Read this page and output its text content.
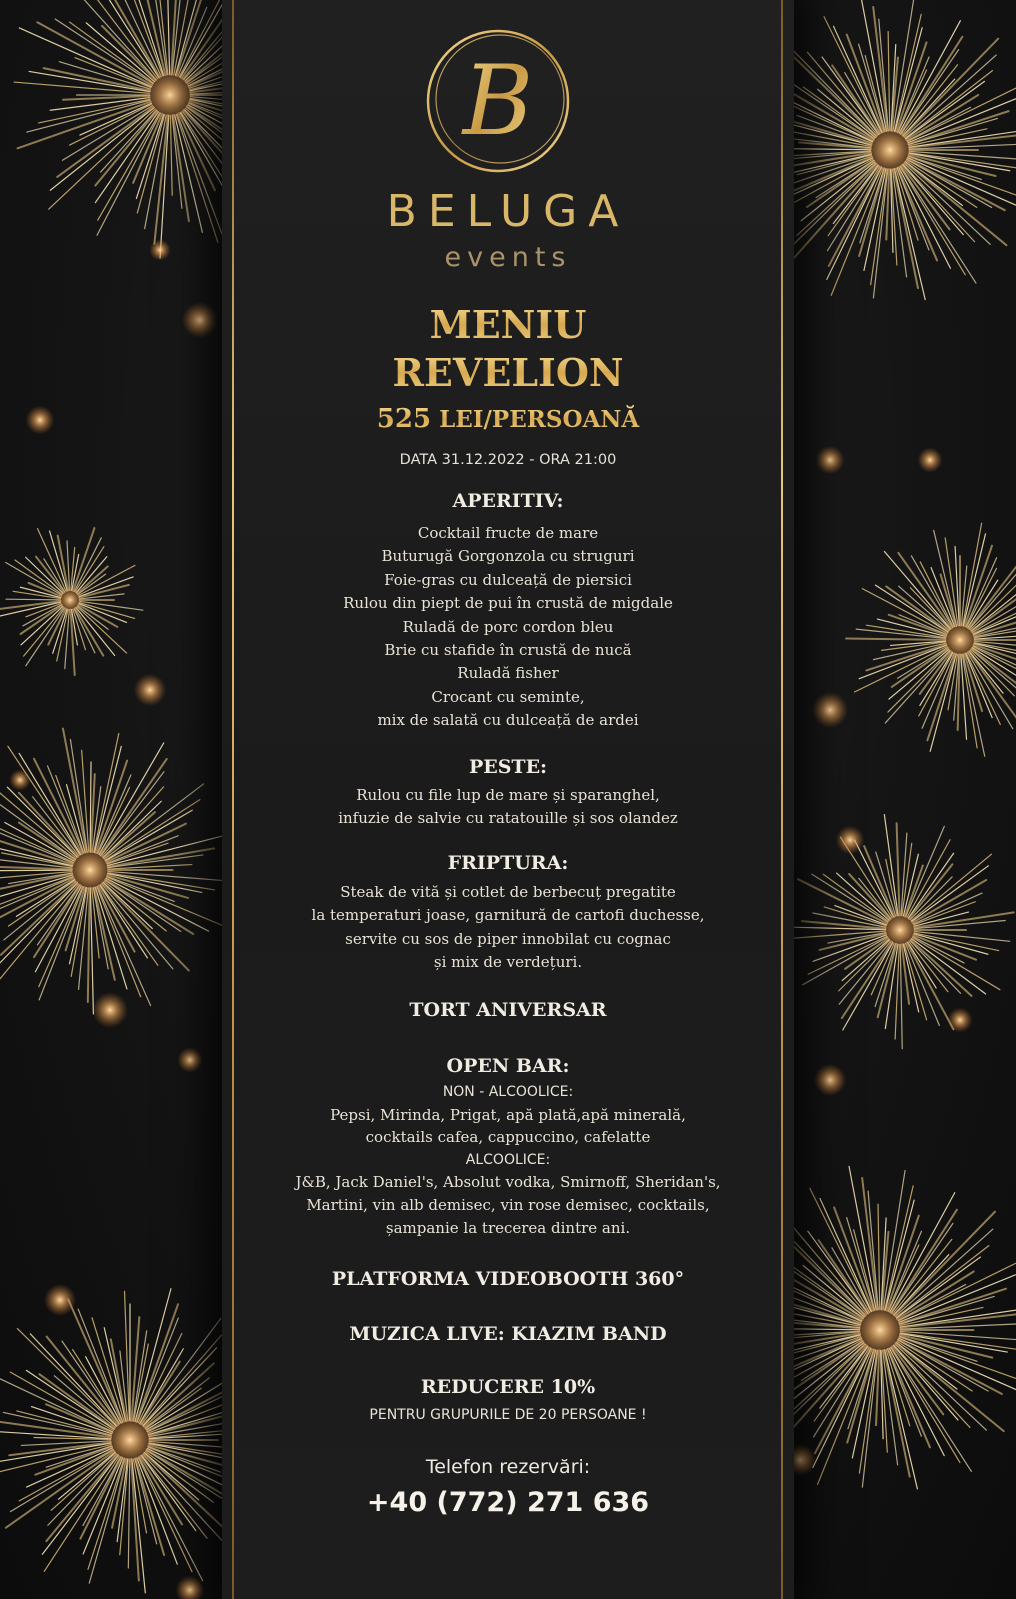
B
BELUGA
events
MENIU
REVELION
525 LEI/PERSOANĂ
DATA 31.12.2022 - ORA 21:00
APERITIV:
Cocktail fructe de mare
Buturugă Gorgonzola cu struguri
Foie-gras cu dulceață de piersici
Rulou din piept de pui în crustă de migdale
Ruladă de porc cordon bleu
Brie cu stafide în crustă de nucă
Ruladă fisher
Crocant cu seminte,
mix de salată cu dulceață de ardei
PESTE:
Rulou cu file lup de mare și sparanghel,
infuzie de salvie cu ratatouille și sos olandez
FRIPTURA:
Steak de vită și cotlet de berbecuț pregatite
la temperaturi joase, garnitură de cartofi duchesse,
servite cu sos de piper innobilat cu cognac
și mix de verdețuri.
TORT ANIVERSAR
OPEN BAR:
NON - ALCOOLICE:
Pepsi, Mirinda, Prigat, apă plată,apă minerală,
cocktails cafea, cappuccino, cafelatte
ALCOOLICE:
J&B, Jack Daniel's, Absolut vodka, Smirnoff, Sheridan's,
Martini, vin alb demisec, vin rose demisec, cocktails,
șampanie la trecerea dintre ani.
PLATFORMA VIDEOBOOTH 360°
MUZICA LIVE: KIAZIM BAND
REDUCERE 10%
PENTRU GRUPURILE DE 20 PERSOANE !
Telefon rezervări:
+40 (772) 271 636
